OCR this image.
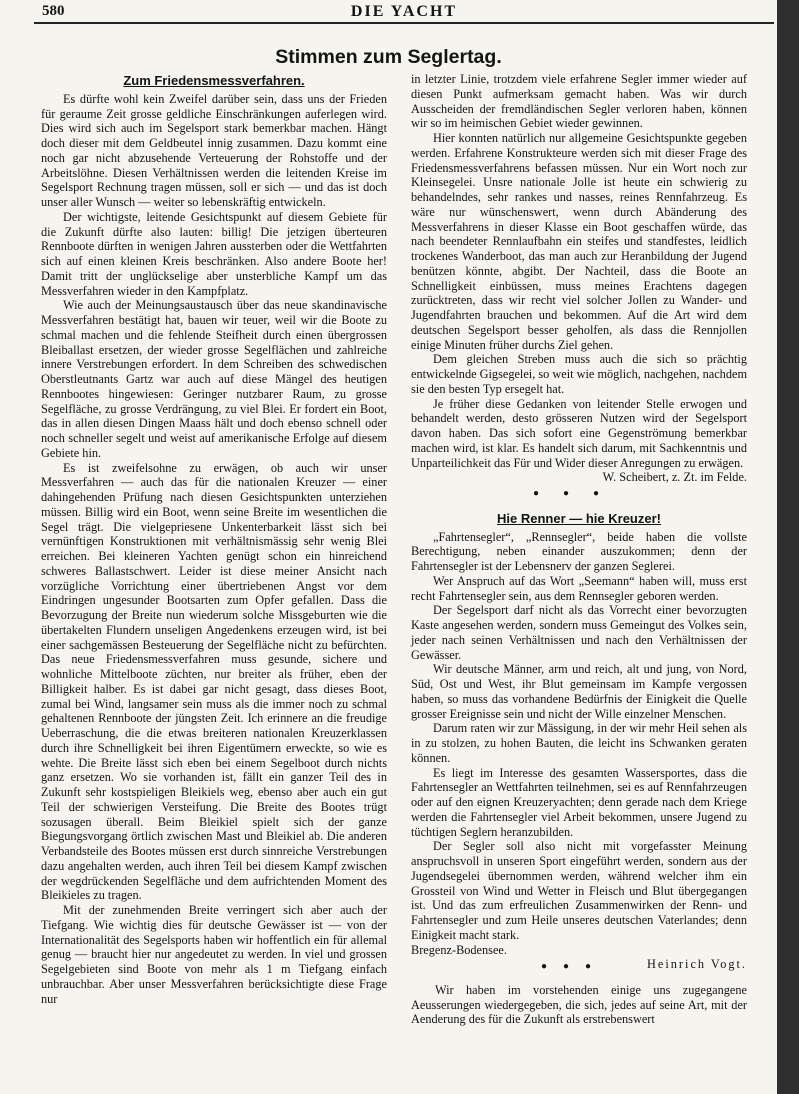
580	DIE YACHT
Stimmen zum Seglertag.
Zum Friedensmessverfahren.

Es dürfte wohl kein Zweifel darüber sein, dass uns der Frieden für geraume Zeit grosse geldliche Einschränkungen auferlegen wird. Dies wird sich auch im Segelsport stark bemerkbar machen. Hängt doch dieser mit dem Geldbeutel innig zusammen. Dazu kommt eine noch gar nicht abzusehende Verteuerung der Rohstoffe und der Arbeitslöhne. Diesen Verhältnissen werden die leitenden Kreise im Segelsport Rechnung tragen müssen, soll er sich — und das ist doch unser aller Wunsch — weiter so lebenskräftig entwickeln.

Der wichtigste, leitende Gesichtspunkt auf diesem Gebiete für die Zukunft dürfte also lauten: billig! Die jetzigen überteuren Rennboote dürften in wenigen Jahren aussterben oder die Wettfahrten sich auf einen kleinen Kreis beschränken. Also andere Boote her! Damit tritt der unglückselige aber unsterbliche Kampf um das Messverfahren wieder in den Kampfplatz.

Wie auch der Meinungsaustausch über das neue skandinavische Messverfahren bestätigt hat, bauen wir teuer, weil wir die Boote zu schmal machen und die fehlende Steifheit durch einen übergrossen Bleiballast ersetzen, der wieder grosse Segelflächen und zahlreiche innere Verstrebungen erfordert. In dem Schreiben des schwedischen Oberstleutnants Gartz war auch auf diese Mängel des heutigen Rennbootes hingewiesen: Geringer nutzbarer Raum, zu grosse Segelfläche, zu grosse Verdrängung, zu viel Blei. Er fordert ein Boot, das in allen diesen Dingen Maass hält und doch ebenso schnell oder noch schneller segelt und weist auf amerikanische Erfolge auf diesem Gebiete hin.

Es ist zweifelsohne zu erwägen, ob auch wir unser Messverfahren — auch das für die nationalen Kreuzer — einer dahingehenden Prüfung nach diesen Gesichtspunkten unterziehen müssen. Billig wird ein Boot, wenn seine Breite im wesentlichen die Segel trägt. Die vielgepriesene Unkenterbarkeit lässt sich bei vernünftigen Konstruktionen mit verhältnismässig sehr wenig Blei erreichen. Bei kleineren Yachten genügt schon ein hinreichend schweres Ballastschwert. Leider ist diese meiner Ansicht nach vorzügliche Vorrichtung einer übertriebenen Angst vor dem Eindringen ungesunder Bootsarten zum Opfer gefallen. Dass die Bevorzugung der Breite nun wiederum solche Missgeburten wie die übertakelten Flundern unseligen Angedenkens erzeugen wird, ist bei einer sachgemässen Besteuerung der Segelfläche nicht zu befürchten. Das neue Friedensmessverfahren muss gesunde, sichere und wohnliche Mittelboote züchten, nur breiter als früher, eben der Billigkeit halber. Es ist dabei gar nicht gesagt, dass dieses Boot, zumal bei Wind, langsamer sein muss als die immer noch zu schmal gehaltenen Rennboote der jüngsten Zeit. Ich erinnere an die freudige Ueberraschung, die die etwas breiteren nationalen Kreuzerklassen durch ihre Schnelligkeit bei ihren Eigentümern erweckte, so wie es wehte. Die Breite lässt sich eben bei einem Segelboot durch nichts ganz ersetzen. Wo sie vorhanden ist, fällt ein ganzer Teil des in Zukunft sehr kostspieligen Bleikiels weg, ebenso aber auch ein gut Teil der schwierigen Versteifung. Die Breite des Bootes trügt sozusagen überall. Beim Bleikiel spielt sich der ganze Biegungsvorgang örtlich zwischen Mast und Bleikiel ab. Die anderen Verbandsteile des Bootes müssen erst durch sinnreiche Verstrebungen dazu angehalten werden, auch ihren Teil bei diesem Kampf zwischen der wegdrückenden Segelfläche und dem aufrichtenden Moment des Bleikieles zu tragen.

Mit der zunehmenden Breite verringert sich aber auch der Tiefgang. Wie wichtig dies für deutsche Gewässer ist — von der Internationalität des Segelsports haben wir hoffentlich ein für allemal genug — braucht hier nur angedeutet zu werden. In viel und grossen Segelgebieten sind Boote von mehr als 1 m Tiefgang einfach unbrauchbar. Aber unser Messverfahren berücksichtigte diese Frage nur

in letzter Linie, trotzdem viele erfahrene Segler immer wieder auf diesen Punkt aufmerksam gemacht haben. Was wir durch Ausscheiden der fremdländischen Segler verloren haben, können wir so im heimischen Gebiet wieder gewinnen.

Hier konnten natürlich nur allgemeine Gesichtspunkte gegeben werden. Erfahrene Konstrukteure werden sich mit dieser Frage des Friedensmessverfahrens befassen müssen. Nur ein Wort noch zur Kleinsegelei. Unsre nationale Jolle ist heute ein schwierig zu behandelndes, sehr rankes und nasses, reines Rennfahrzeug. Es wäre nur wünschenswert, wenn durch Abänderung des Messverfahrens in dieser Klasse ein Boot geschaffen würde, das nach beendeter Rennlaufbahn ein steifes und standfestes, leidlich trockenes Wanderboot, das man auch zur Heranbildung der Jugend benützen könnte, abgibt. Der Nachteil, dass die Boote an Schnelligkeit einbüssen, muss meines Erachtens dagegen zurücktreten, dass wir recht viel solcher Jollen zu Wander- und Jugendfahrten brauchen und bekommen. Auf die Art wird dem deutschen Segelsport besser geholfen, als dass die Rennjollen einige Minuten früher durchs Ziel gehen.

Dem gleichen Streben muss auch die sich so prächtig entwickelnde Gigsegelei, so weit wie möglich, nachgehen, nachdem sie den besten Typ ersegelt hat.

Je früher diese Gedanken von leitender Stelle erwogen und behandelt werden, desto grösseren Nutzen wird der Segelsport davon haben. Das sich sofort eine Gegenströmung bemerkbar machen wird, ist klar. Es handelt sich darum, mit Sachkenntnis und Unparteilichkeit das Für und Wider dieser Anregungen zu erwägen.

W. Scheibert, z. Zt. im Felde.

● ● ●
Hie Renner — hie Kreuzer!

„Fahrtensegler“, „Rennsegler“, beide haben die vollste Berechtigung, neben einander auszukommen; denn der Fahrtensegler ist der Lebensnerv der ganzen Seglerei.

Wer Anspruch auf das Wort „Seemann“ haben will, muss erst recht Fahrtensegler sein, aus dem Rennsegler geboren werden.

Der Segelsport darf nicht als das Vorrecht einer bevorzugten Kaste angesehen werden, sondern muss Gemeingut des Volkes sein, jeder nach seinen Verhältnissen und nach den Verhältnissen der Gewässer.

Wir deutsche Männer, arm und reich, alt und jung, von Nord, Süd, Ost und West, ihr Blut gemeinsam im Kampfe vergossen haben, so muss das vorhandene Bedürfnis der Einigkeit die Quelle grosser Ereignisse sein und nicht der Wille einzelner Menschen.

Darum raten wir zur Mässigung, in der wir mehr Heil sehen als in zu stolzen, zu hohen Bauten, die leicht ins Schwanken geraten können.

Es liegt im Interesse des gesamten Wassersportes, dass die Fahrtensegler an Wettfahrten teilnehmen, sei es auf Rennfahrzeugen oder auf den eignen Kreuzeryachten; denn gerade nach dem Kriege werden die Fahrtensegler viel Arbeit bekommen, unsere Jugend zu tüchtigen Seglern heranzubilden.

Der Segler soll also nicht mit vorgefasster Meinung anspruchsvoll in unseren Sport eingeführt werden, sondern aus der Jugendsegelei übernommen werden, während welcher ihm ein Grossteil von Wind und Wetter in Fleisch und Blut übergegangen ist. Und das zum erfreulichen Zusammenwirken der Renn- und Fahrtensegler und zum Heile unseres deutschen Vaterlandes; denn Einigkeit macht stark.

Bregenz-Bodensee.

Heinrich Vogt.

● ● ●

Wir haben im vorstehenden einige uns zugegangene Aeusserungen wiedergegeben, die sich, jedes auf seine Art, mit der Aenderung des für die Zukunft als erstrebenswert
